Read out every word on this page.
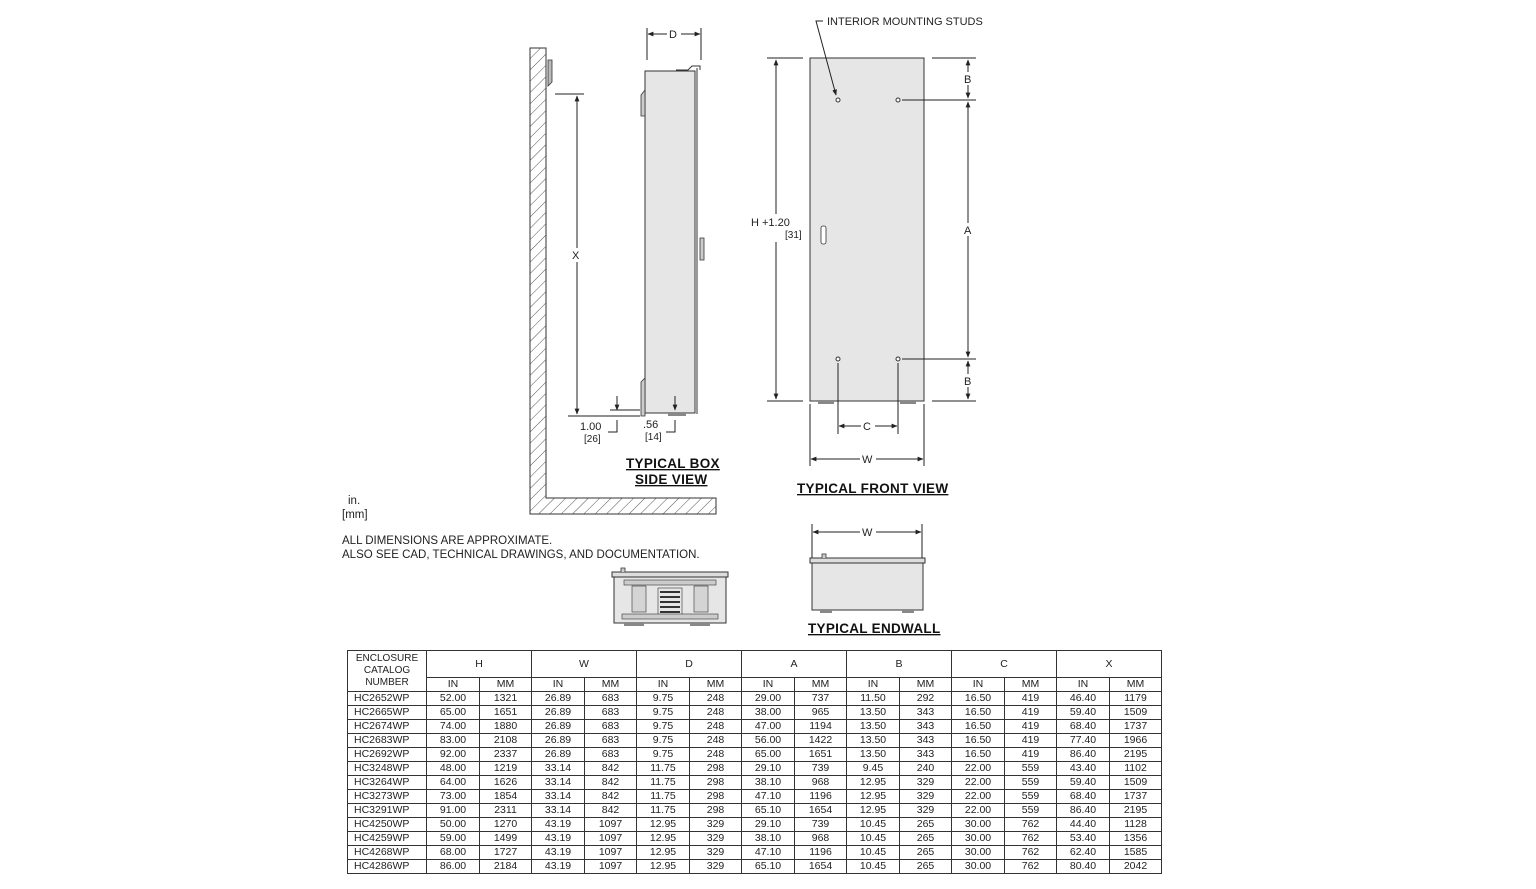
X
D
1.00
[26]
.56
[14]
TYPICAL BOX
SIDE VIEW
INTERIOR MOUNTING STUDS
H +1.20
[31]
B
A
B
C
W
TYPICAL FRONT VIEW
W
TYPICAL ENDWALL
in.
[mm]
ALL DIMENSIONS ARE APPROXIMATE.
ALSO SEE CAD, TECHNICAL DRAWINGS, AND DOCUMENTATION.
ENCLOSURE
CATALOG
NUMBER	H		W		D		A		B		C		X	
	IN	MM	IN	MM	IN	MM	IN	MM	IN	MM	IN	MM	IN	MM
HC2652WP	52.00	1321	26.89	683	9.75	248	29.00	737	11.50	292	16.50	419	46.40	1179
HC2665WP	65.00	1651	26.89	683	9.75	248	38.00	965	13.50	343	16.50	419	59.40	1509
HC2674WP	74.00	1880	26.89	683	9.75	248	47.00	1194	13.50	343	16.50	419	68.40	1737
HC2683WP	83.00	2108	26.89	683	9.75	248	56.00	1422	13.50	343	16.50	419	77.40	1966
HC2692WP	92.00	2337	26.89	683	9.75	248	65.00	1651	13.50	343	16.50	419	86.40	2195
HC3248WP	48.00	1219	33.14	842	11.75	298	29.10	739	9.45	240	22.00	559	43.40	1102
HC3264WP	64.00	1626	33.14	842	11.75	298	38.10	968	12.95	329	22.00	559	59.40	1509
HC3273WP	73.00	1854	33.14	842	11.75	298	47.10	1196	12.95	329	22.00	559	68.40	1737
HC3291WP	91.00	2311	33.14	842	11.75	298	65.10	1654	12.95	329	22.00	559	86.40	2195
HC4250WP	50.00	1270	43.19	1097	12.95	329	29.10	739	10.45	265	30.00	762	44.40	1128
HC4259WP	59.00	1499	43.19	1097	12.95	329	38.10	968	10.45	265	30.00	762	53.40	1356
HC4268WP	68.00	1727	43.19	1097	12.95	329	47.10	1196	10.45	265	30.00	762	62.40	1585
HC4286WP	86.00	2184	43.19	1097	12.95	329	65.10	1654	10.45	265	30.00	762	80.40	2042
